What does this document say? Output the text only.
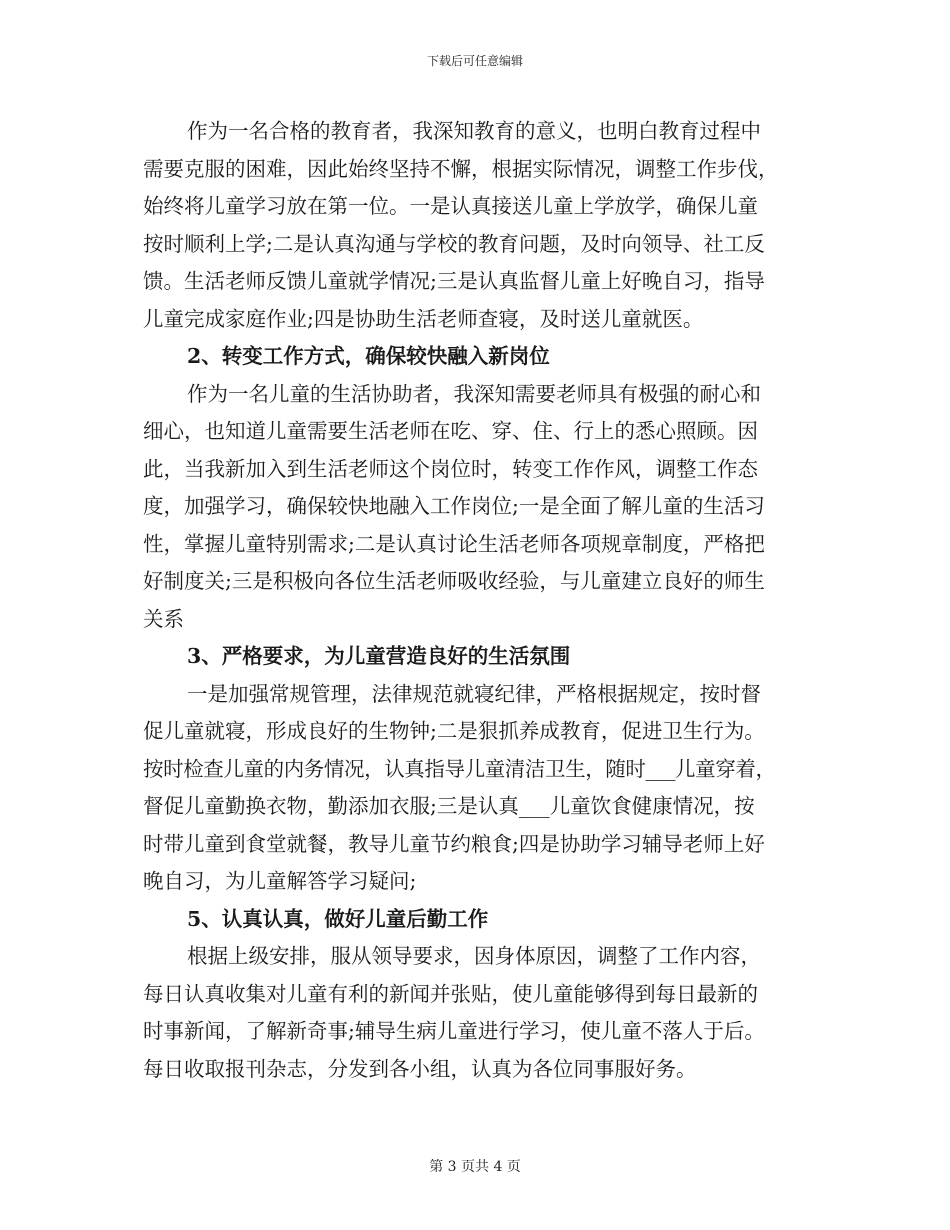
下载后可任意编辑
作为一名合格的教育者，我深知教育的意义，也明白教育过程中
需要克服的困难，因此始终坚持不懈，根据实际情况，调整工作步伐，
始终将儿童学习放在第一位。一是认真接送儿童上学放学，确保儿童
按时顺利上学;二是认真沟通与学校的教育问题，及时向领导、社工反
馈。生活老师反馈儿童就学情况;三是认真监督儿童上好晚自习，指导
儿童完成家庭作业;四是协助生活老师查寝，及时送儿童就医。
2、转变工作方式，确保较快融入新岗位
作为一名儿童的生活协助者，我深知需要老师具有极强的耐心和
细心，也知道儿童需要生活老师在吃、穿、住、行上的悉心照顾。因
此，当我新加入到生活老师这个岗位时，转变工作作风，调整工作态
度，加强学习，确保较快地融入工作岗位;一是全面了解儿童的生活习
性，掌握儿童特别需求;二是认真讨论生活老师各项规章制度，严格把
好制度关;三是积极向各位生活老师吸收经验，与儿童建立良好的师生
关系
3、严格要求，为儿童营造良好的生活氛围
一是加强常规管理，法律规范就寝纪律，严格根据规定，按时督
促儿童就寝，形成良好的生物钟;二是狠抓养成教育，促进卫生行为。
按时检查儿童的内务情况，认真指导儿童清洁卫生，随时___儿童穿着，
督促儿童勤换衣物，勤添加衣服;三是认真___儿童饮食健康情况，按
时带儿童到食堂就餐，教导儿童节约粮食;四是协助学习辅导老师上好
晚自习，为儿童解答学习疑问;
5、认真认真，做好儿童后勤工作
根据上级安排，服从领导要求，因身体原因，调整了工作内容，
每日认真收集对儿童有利的新闻并张贴，使儿童能够得到每日最新的
时事新闻，了解新奇事;辅导生病儿童进行学习，使儿童不落人于后。
每日收取报刊杂志，分发到各小组，认真为各位同事服好务。
第 3 页共 4 页
